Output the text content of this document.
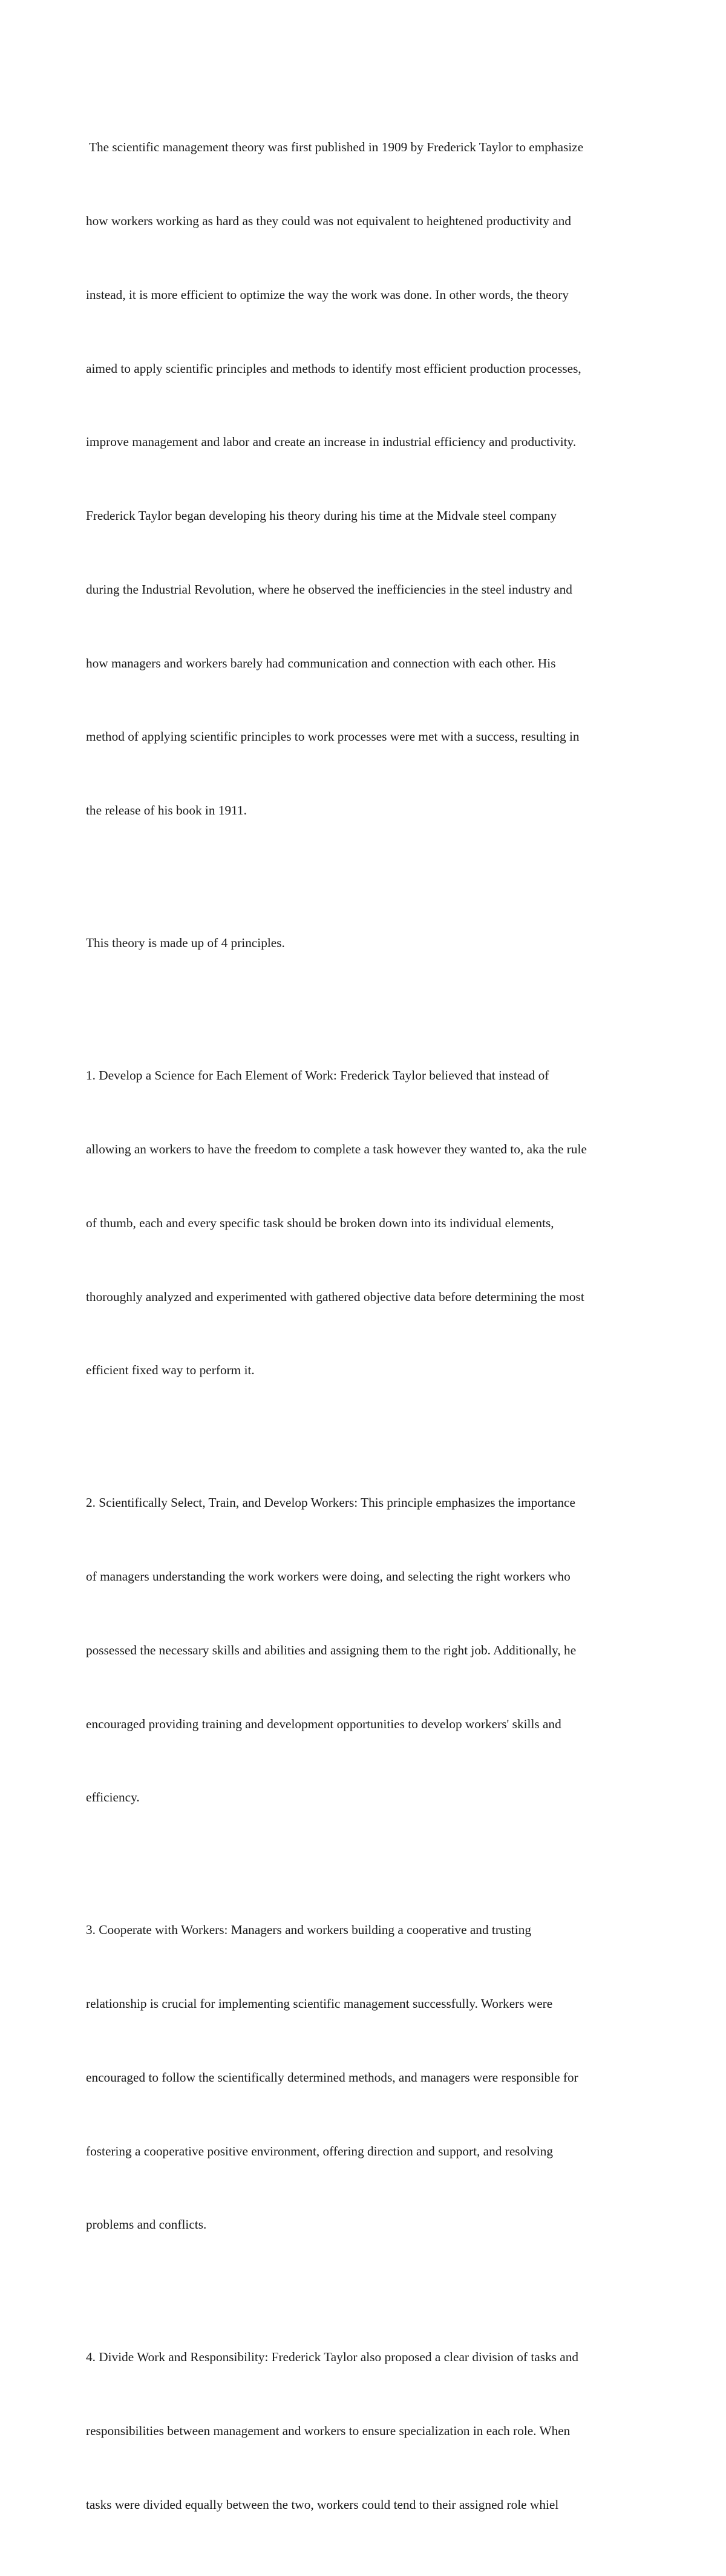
The scientific management theory was first published in 1909 by Frederick Taylor to emphasize

how workers working as hard as they could was not equivalent to heightened productivity and

instead, it is more efficient to optimize the way the work was done. In other words, the theory

aimed to apply scientific principles and methods to identify most efficient production processes,

improve management and labor and create an increase in industrial efficiency and productivity.

Frederick Taylor began developing his theory during his time at the Midvale steel company

during the Industrial Revolution, where he observed the inefficiencies in the steel industry and

how managers and workers barely had communication and connection with each other. His

method of applying scientific principles to work processes were met with a success, resulting in

the release of his book in 1911.

This theory is made up of 4 principles.

1. Develop a Science for Each Element of Work: Frederick Taylor believed that instead of

allowing an workers to have the freedom to complete a task however they wanted to, aka the rule

of thumb, each and every specific task should be broken down into its individual elements,

thoroughly analyzed and experimented with gathered objective data before determining the most

efficient fixed way to perform it.

2. Scientifically Select, Train, and Develop Workers: This principle emphasizes the importance

of managers understanding the work workers were doing, and selecting the right workers who

possessed the necessary skills and abilities and assigning them to the right job. Additionally, he

encouraged providing training and development opportunities to develop workers' skills and

efficiency.

3. Cooperate with Workers: Managers and workers building a cooperative and trusting

relationship is crucial for implementing scientific management successfully. Workers were

encouraged to follow the scientifically determined methods, and managers were responsible for

fostering a cooperative positive environment, offering direction and support, and resolving

problems and conflicts.

4. Divide Work and Responsibility: Frederick Taylor also proposed a clear division of tasks and

responsibilities between management and workers to ensure specialization in each role. When

tasks were divided equally between the two, workers could tend to their assigned role whiel
